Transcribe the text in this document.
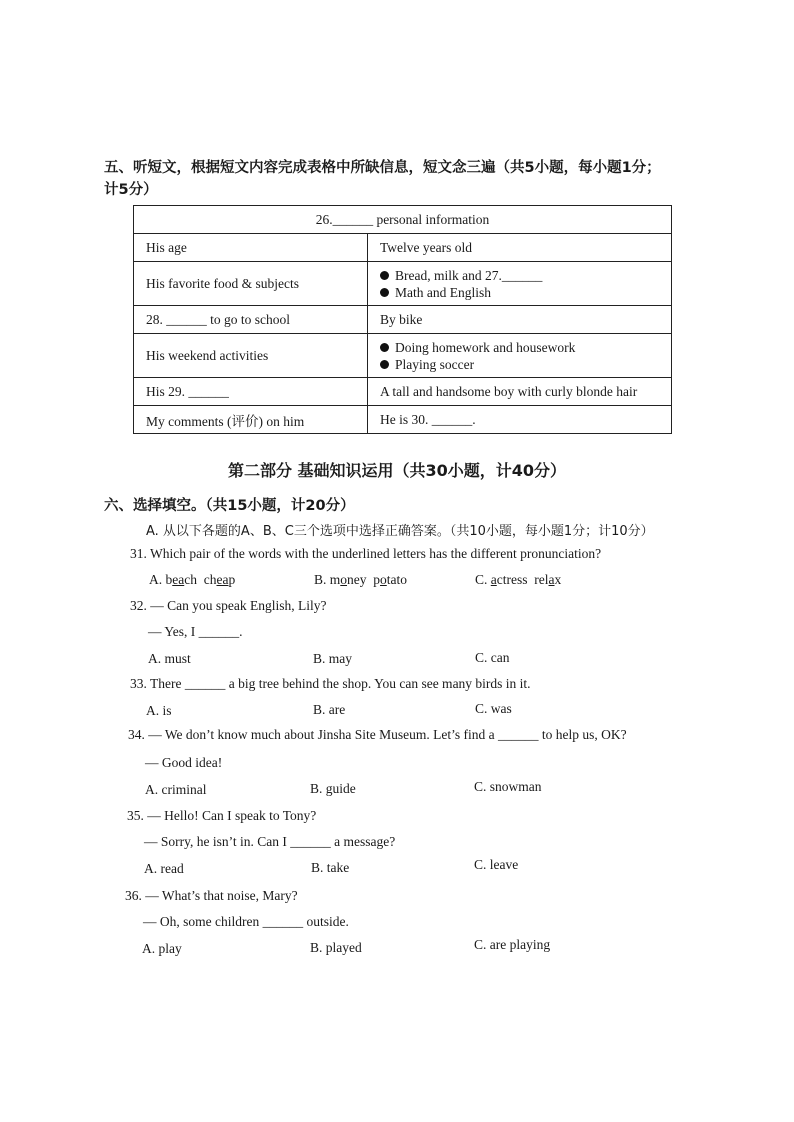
五、听短文，根据短文内容完成表格中所缺信息，短文念三遍（共5小题，每小题1分；
计5分）
26.______ personal information	
His age	Twelve years old
His favorite food & subjects	Bread, milk and 27.______
Math and English

28. ______ to go to school	By bike
His weekend activities	Doing homework and housework
Playing soccer

His 29. ______	A tall and handsome boy with curly blonde hair
My comments (评价) on him	He is 30. ______.
第二部分 基础知识运用（共30小题，计40分）
六、选择填空。（共15小题，计20分）
A. 从以下各题的A、B、C三个选项中选择正确答案。（共10小题，每小题1分；计10分）
31. Which pair of the words with the underlined letters has the different pronunciation?
A. beach cheap	B. money potato	C. actress relax
32. — Can you speak English, Lily?
— Yes, I ______.
A. must	B. may	C. can
33. There ______ a big tree behind the shop. You can see many birds in it.
A. is	B. are	C. was
34. — We don’t know much about Jinsha Site Museum. Let’s find a ______ to help us, OK?
— Good idea!
A. criminal	B. guide	C. snowman
35. — Hello! Can I speak to Tony?
— Sorry, he isn’t in. Can I ______ a message?
A. read	B. take	C. leave
36. — What’s that noise, Mary?
— Oh, some children ______ outside.
A. play	B. played	C. are playing
